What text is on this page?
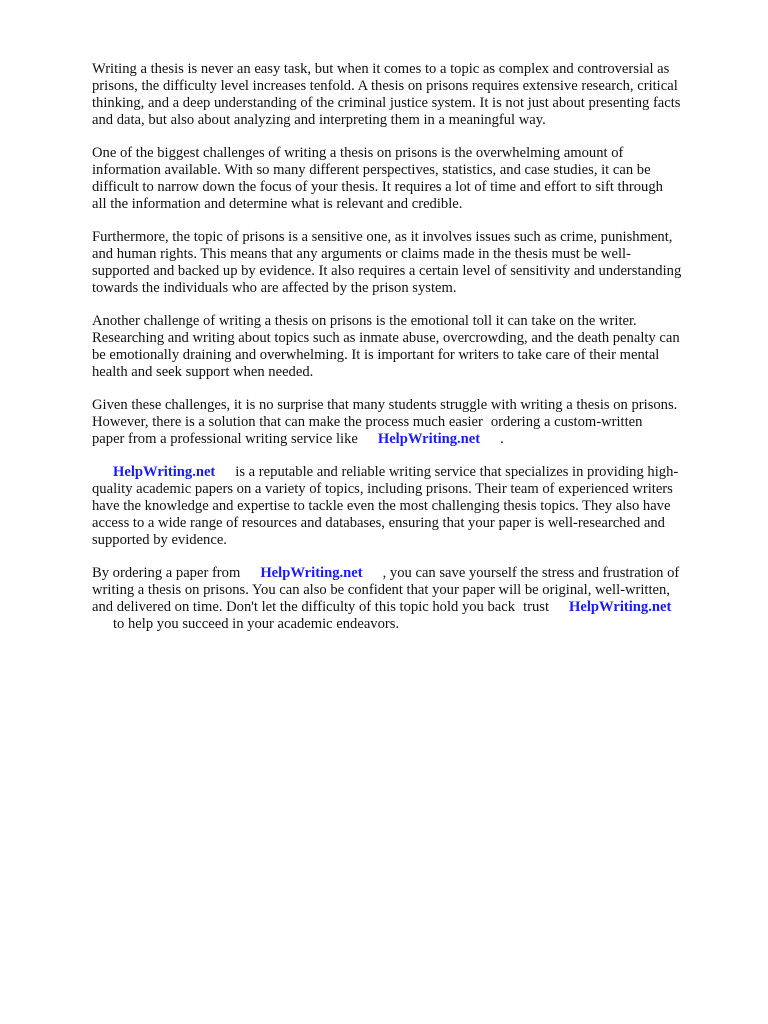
Writing a thesis is never an easy task, but when it comes to a topic as complex and controversial as
prisons, the difficulty level increases tenfold. A thesis on prisons requires extensive research, critical
thinking, and a deep understanding of the criminal justice system. It is not just about presenting facts
and data, but also about analyzing and interpreting them in a meaningful way.

One of the biggest challenges of writing a thesis on prisons is the overwhelming amount of
information available. With so many different perspectives, statistics, and case studies, it can be
difficult to narrow down the focus of your thesis. It requires a lot of time and effort to sift through
all the information and determine what is relevant and credible.

Furthermore, the topic of prisons is a sensitive one, as it involves issues such as crime, punishment,
and human rights. This means that any arguments or claims made in the thesis must be well-
supported and backed up by evidence. It also requires a certain level of sensitivity and understanding
towards the individuals who are affected by the prison system.

Another challenge of writing a thesis on prisons is the emotional toll it can take on the writer.
Researching and writing about topics such as inmate abuse, overcrowding, and the death penalty can
be emotionally draining and overwhelming. It is important for writers to take care of their mental
health and seek support when needed.

Given these challenges, it is no surprise that many students struggle with writing a thesis on prisons.
However, there is a solution that can make the process much easier ordering a custom-written
paper from a professional writing service like HelpWriting.net .

HelpWriting.net is a reputable and reliable writing service that specializes in providing high-
quality academic papers on a variety of topics, including prisons. Their team of experienced writers
have the knowledge and expertise to tackle even the most challenging thesis topics. They also have
access to a wide range of resources and databases, ensuring that your paper is well-researched and
supported by evidence.

By ordering a paper from HelpWriting.net , you can save yourself the stress and frustration of
writing a thesis on prisons. You can also be confident that your paper will be original, well-written,
and delivered on time. Don't let the difficulty of this topic hold you back trust HelpWriting.net
to help you succeed in your academic endeavors.
